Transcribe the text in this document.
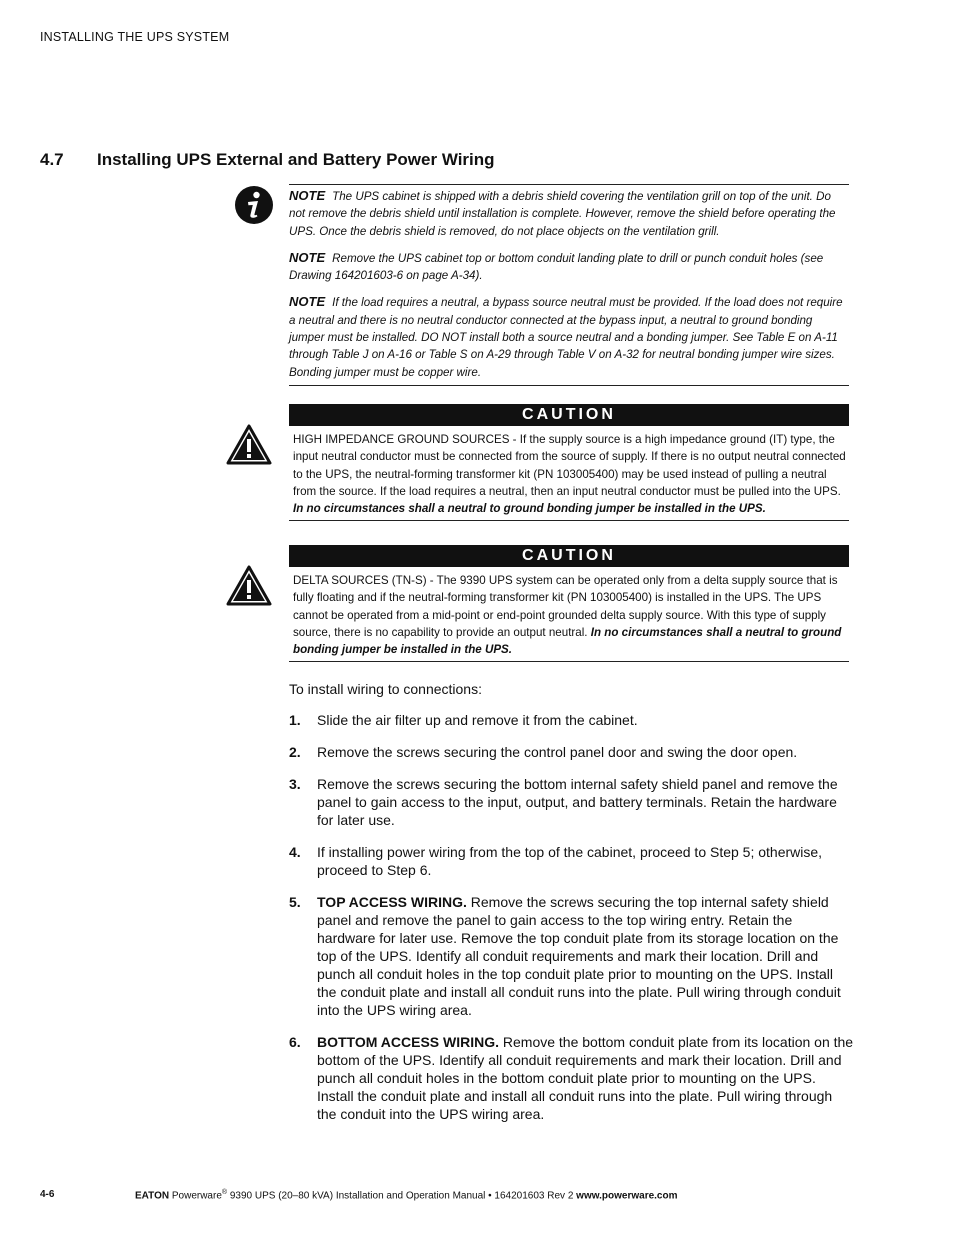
INSTALLING THE UPS SYSTEM
4.7 Installing UPS External and Battery Power Wiring

NOTE The UPS cabinet is shipped with a debris shield covering the ventilation grill on top of the unit. Do not remove the debris shield until installation is complete. However, remove the shield before operating the UPS. Once the debris shield is removed, do not place objects on the ventilation grill.

NOTE Remove the UPS cabinet top or bottom conduit landing plate to drill or punch conduit holes (see Drawing 164201603-6 on page A-34).

NOTE If the load requires a neutral, a bypass source neutral must be provided. If the load does not require a neutral and there is no neutral conductor connected at the bypass input, a neutral to ground bonding jumper must be installed. DO NOT install both a source neutral and a bonding jumper. See Table E on A-11 through Table J on A-16 or Table S on A-29 through Table V on A-32 for neutral bonding jumper wire sizes. Bonding jumper must be copper wire.

CAUTION
HIGH IMPEDANCE GROUND SOURCES - If the supply source is a high impedance ground (IT) type, the input neutral conductor must be connected from the source of supply. If there is no output neutral connected to the UPS, the neutral-forming transformer kit (PN 103005400) may be used instead of pulling a neutral from the source. If the load requires a neutral, then an input neutral conductor must be pulled into the UPS. In no circumstances shall a neutral to ground bonding jumper be installed in the UPS.
CAUTION
DELTA SOURCES (TN-S) - The 9390 UPS system can be operated only from a delta supply source that is fully floating and if the neutral-forming transformer kit (PN 103005400) is installed in the UPS. The UPS cannot be operated from a mid-point or end-point grounded delta supply source. With this type of supply source, there is no capability to provide an output neutral. In no circumstances shall a neutral to ground bonding jumper be installed in the UPS.

To install wiring to connections:

1.	Slide the air filter up and remove it from the cabinet.
2.	Remove the screws securing the control panel door and swing the door open.
3.	Remove the screws securing the bottom internal safety shield panel and remove the panel to gain access to the input, output, and battery terminals. Retain the hardware for later use.
4.	If installing power wiring from the top of the cabinet, proceed to Step 5; otherwise, proceed to Step 6.
5.	TOP ACCESS WIRING. Remove the screws securing the top internal safety shield panel and remove the panel to gain access to the top wiring entry. Retain the hardware for later use. Remove the top conduit plate from its storage location on the top of the UPS. Identify all conduit requirements and mark their location. Drill and punch all conduit holes in the top conduit plate prior to mounting on the UPS. Install the conduit plate and install all conduit runs into the plate. Pull wiring through conduit into the UPS wiring area.
6.	BOTTOM ACCESS WIRING. Remove the bottom conduit plate from its location on the bottom of the UPS. Identify all conduit requirements and mark their location. Drill and punch all conduit holes in the bottom conduit plate prior to mounting on the UPS. Install the conduit plate and install all conduit runs into the plate. Pull wiring through the conduit into the UPS wiring area.
4-6	EATON Powerware® 9390 UPS (20–80 kVA) Installation and Operation Manual • 164201603 Rev 2 www.powerware.com
